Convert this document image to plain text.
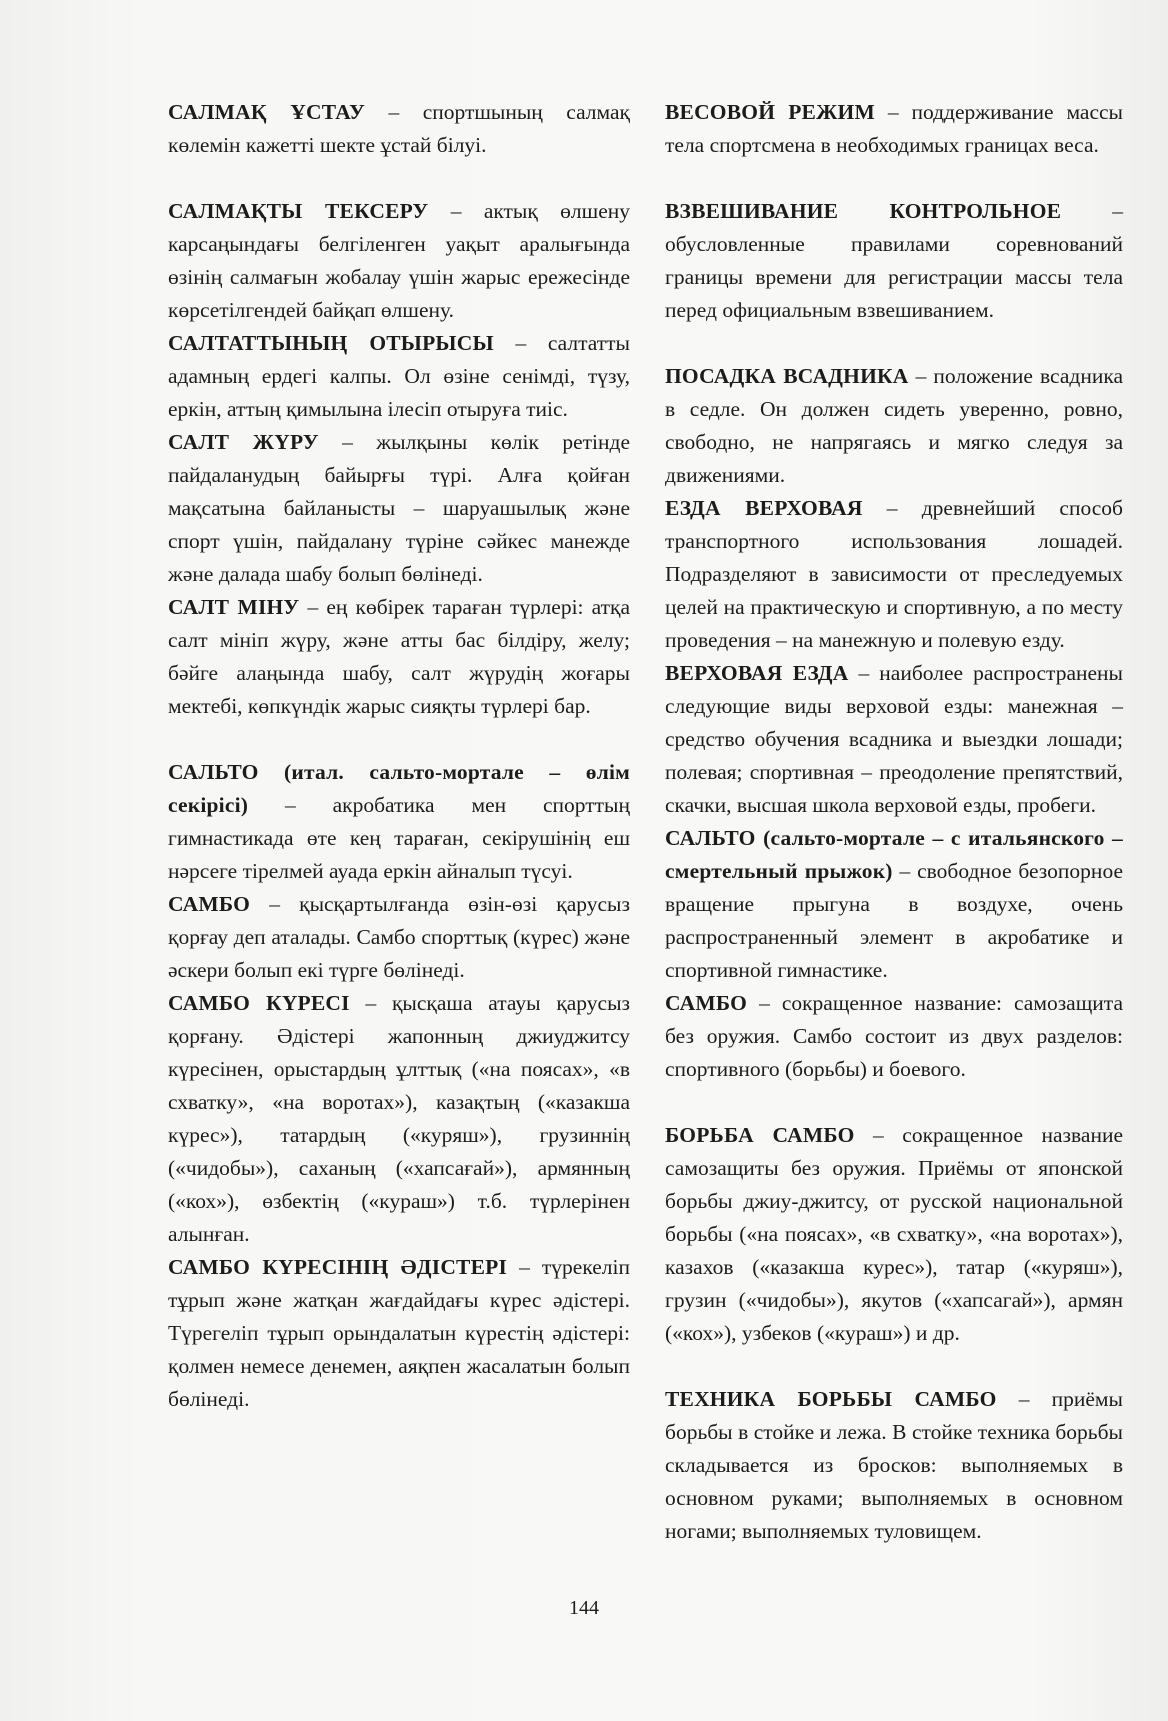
САЛМАҚ ҰСТАУ – спортшының салмақ көлемін кажетті шекте ұстай білуі.

САЛМАҚТЫ ТЕКСЕРУ – актық өлшену карсаңындағы белгіленген уақыт аралығында өзінің салмағын жобалау үшін жарыс ережесінде көрсетілгендей байқап өлшену.

САЛТАТТЫНЫҢ ОТЫРЫСЫ – салтатты адамның ердегі калпы. Ол өзіне сенімді, түзу, еркін, аттың қимылына ілесіп отыруға тиіс.

САЛТ ЖҮРУ – жылқыны көлік ретінде пайдаланудың байырғы түрі. Алға қойған мақсатына байланысты – шаруашылық және спорт үшін, пайдалану түріне сәйкес манежде және далада шабу болып бөлінеді.

САЛТ МІНУ – ең көбірек тараған түрлері: атқа салт мініп жүру, және атты бас білдіру, желу; бәйге алаңында шабу, салт жүрудің жоғары мектебі, көпкүндік жарыс сияқты түрлері бар.

САЛЬТО (итал. сальто-мортале – өлім секірісі) – акробатика мен спорттың гимнастикада өте кең тараған, секірушінің еш нәрсеге тірелмей ауада еркін айналып түсуі.

САМБО – қысқартылғанда өзін-өзі қарусыз қорғау деп аталады. Самбо спорттық (күрес) және әскери болып екі түрге бөлінеді.

САМБО КҮРЕСІ – қысқаша атауы қарусыз қорғану. Әдістері жапонның джиуджитсу күресінен, орыстардың ұлттық («на поясах», «в схватку», «на воротах»), казақтың («казакша күрес»), татардың («куряш»), грузиннің («чидобы»), саханың («хапсағай»), армянның («кох»), өзбектің («кураш») т.б. түрлерінен алынған.

САМБО КҮРЕСІНІҢ ӘДІСТЕРІ – түрекеліп тұрып және жатқан жағдайдағы күрес әдістері. Түрегеліп тұрып орындалатын күрестің әдістері: қолмен немесе денемен, аяқпен жасалатын болып бөлінеді.

ВЕСОВОЙ РЕЖИМ – поддерживание массы тела спортсмена в необходимых границах веса.

ВЗВЕШИВАНИЕ КОНТРОЛЬНОЕ – обусловленные правилами соревнований границы времени для регистрации массы тела перед официальным взвешиванием.

ПОСАДКА ВСАДНИКА – положение всадника в седле. Он должен сидеть уверенно, ровно, свободно, не напрягаясь и мягко следуя за движениями.

ЕЗДА ВЕРХОВАЯ – древнейший способ транспортного использования лошадей. Подразделяют в зависимости от преследуемых целей на практическую и спортивную, а по месту проведения – на манежную и полевую езду.

ВЕРХОВАЯ ЕЗДА – наиболее распространены следующие виды верховой езды: манежная – средство обучения всадника и выездки лошади; полевая; спортивная – преодоление препятствий, скачки, высшая школа верховой езды, пробеги.

САЛЬТО (сальто-мортале – с итальянского – смертельный прыжок) – свободное безопорное вращение прыгуна в воздухе, очень распространенный элемент в акробатике и спортивной гимнастике.

САМБО – сокращенное название: самозащита без оружия. Самбо состоит из двух разделов: спортивного (борьбы) и боевого.

БОРЬБА САМБО – сокращенное название самозащиты без оружия. Приёмы от японской борьбы джиу-джитсу, от русской национальной борьбы («на поясах», «в схватку», «на воротах»), казахов («казакша курес»), татар («куряш»), грузин («чидобы»), якутов («хапсагай»), армян («кох»), узбеков («кураш») и др.

ТЕХНИКА БОРЬБЫ САМБО – приёмы борьбы в стойке и лежа. В стойке техника борьбы складывается из бросков: выполняемых в основном руками; выполняемых в основном ногами; выполняемых туловищем.

144
